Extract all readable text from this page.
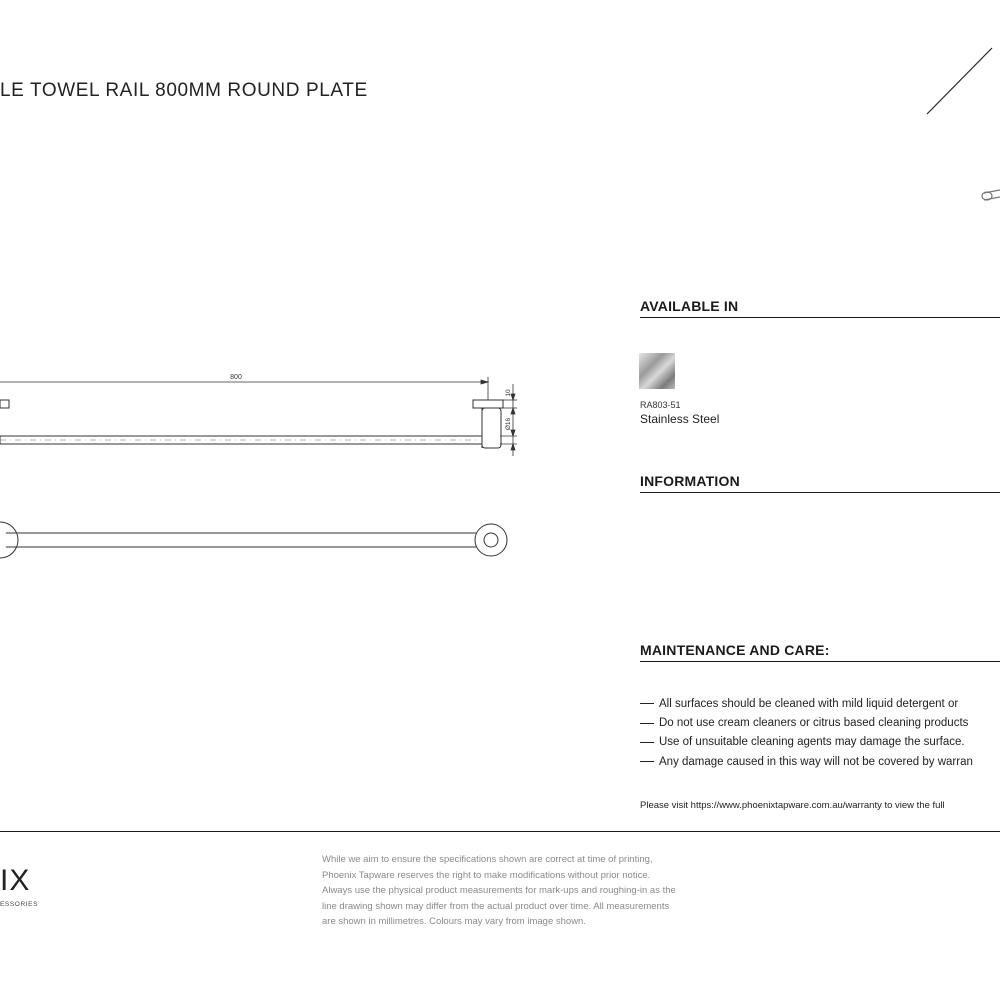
LE TOWEL RAIL 800MM ROUND PLATE
800
10
Ø16
AVAILABLE IN
RA803-51
Stainless Steel
INFORMATION
MAINTENANCE AND CARE:
All surfaces should be cleaned with mild liquid detergent or
Do not use cream cleaners or citrus based cleaning products
Use of unsuitable cleaning agents may damage the surface.
Any damage caused in this way will not be covered by warran
Please visit https://www.phoenixtapware.com.au/warranty to view the full
IX
ESSORIES

While we aim to ensure the specifications shown are correct at time of printing,
Phoenix Tapware reserves the right to make modifications without prior notice.
Always use the physical product measurements for mark-ups and roughing-in as the
line drawing shown may differ from the actual product over time. All measurements
are shown in millimetres. Colours may vary from image shown.
